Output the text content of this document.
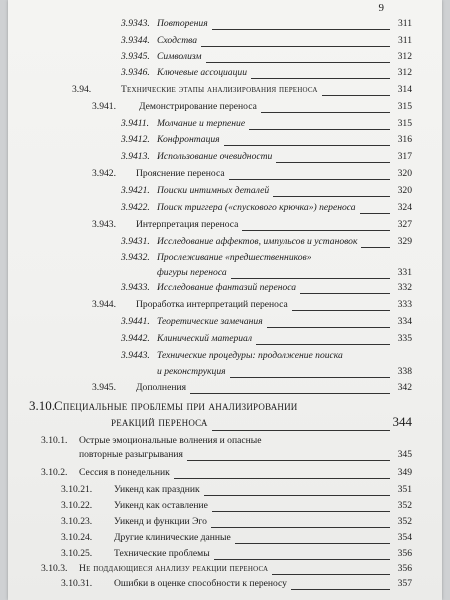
9
3.9343. Повторения	311
3.9344. Сходства	311
3.9345. Символизм	312
3.9346. Ключевые ассоциации	312
3.94.	Технические этапы анализирования переноса	314
3.941. Демонстрирование переноса	315
3.9411. Молчание и терпение	315
3.9412. Конфронтация	316
3.9413. Использование очевидности	317
3.942. Прояснение переноса	320
3.9421. Поиски интимных деталей	320
3.9422. Поиск триггера («спускового крючка») переноса	324
3.943. Интерпретация переноса	327
3.9431. Исследование аффектов, импульсов и установок	329
3.9432. Прослеживание «предшественников»
фигуры переноса	331
3.9433. Исследование фантазий переноса	332
3.944. Проработка интерпретаций переноса	333
3.9441. Теоретические замечания	334
3.9442. Клинический материал	335
3.9443. Технические процедуры: продолжение поиска
и реконструкция	338
3.945. Дополнения	342
3.10. Специальные проблемы при анализировании
реакций переноса	344
3.10.1. Острые эмоциональные волнения и опасные
повторные разыгрывания	345
3.10.2. Сессия в понедельник	349
3.10.21. Уикенд как праздник	351
3.10.22. Уикенд как оставление	352
3.10.23. Уикенд и функции Эго	352
3.10.24. Другие клинические данные	354
3.10.25. Технические проблемы	356
3.10.3. Не поддающиеся анализу реакции переноса	356
3.10.31. Ошибки в оценке способности к переносу	357
